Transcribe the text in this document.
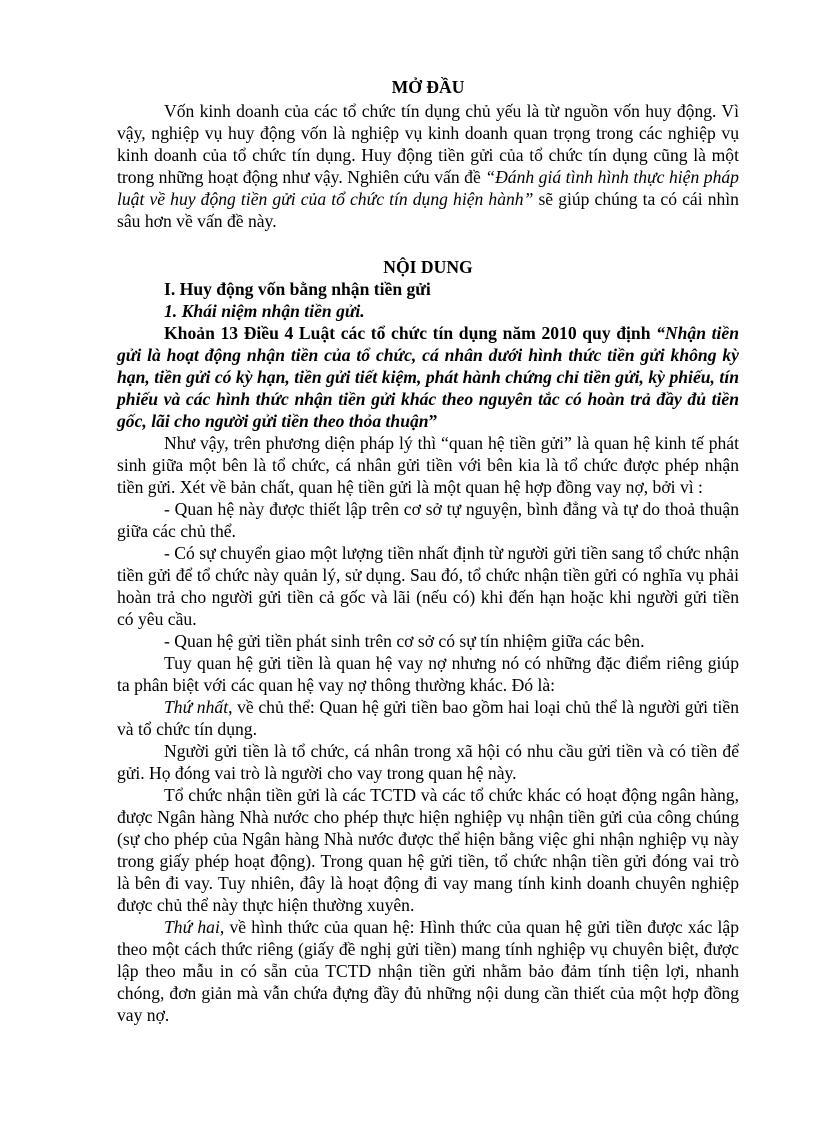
MỞ ĐẦU

Vốn kinh doanh của các tổ chức tín dụng chủ yếu là từ nguồn vốn huy động. Vì vậy, nghiệp vụ huy động vốn là nghiệp vụ kinh doanh quan trọng trong các nghiệp vụ kinh doanh của tổ chức tín dụng. Huy động tiền gửi của tổ chức tín dụng cũng là một trong những hoạt động như vậy. Nghiên cứu vấn đề “Đánh giá tình hình thực hiện pháp luật về huy động tiền gửi của tổ chức tín dụng hiện hành” sẽ giúp chúng ta có cái nhìn sâu hơn về vấn đề này.

NỘI DUNG

I. Huy động vốn bằng nhận tiền gửi

1. Khái niệm nhận tiền gửi.

Khoản 13 Điều 4 Luật các tổ chức tín dụng năm 2010 quy định “Nhận tiền gửi là hoạt động nhận tiền của tổ chức, cá nhân dưới hình thức tiền gửi không kỳ hạn, tiền gửi có kỳ hạn, tiền gửi tiết kiệm, phát hành chứng chỉ tiền gửi, kỳ phiếu, tín phiếu và các hình thức nhận tiền gửi khác theo nguyên tắc có hoàn trả đầy đủ tiền gốc, lãi cho người gửi tiền theo thỏa thuận”

Như vậy, trên phương diện pháp lý thì “quan hệ tiền gửi” là quan hệ kinh tế phát sinh giữa một bên là tổ chức, cá nhân gửi tiền với bên kia là tổ chức được phép nhận tiền gửi. Xét về bản chất, quan hệ tiền gửi là một quan hệ hợp đồng vay nợ, bởi vì :

- Quan hệ này được thiết lập trên cơ sở tự nguyện, bình đẳng và tự do thoả thuận giữa các chủ thể.

- Có sự chuyển giao một lượng tiền nhất định từ người gửi tiền sang tổ chức nhận tiền gửi để tổ chức này quản lý, sử dụng. Sau đó, tổ chức nhận tiền gửi có nghĩa vụ phải hoàn trả cho người gửi tiền cả gốc và lãi (nếu có) khi đến hạn hoặc khi người gửi tiền có yêu cầu.

- Quan hệ gửi tiền phát sinh trên cơ sở có sự tín nhiệm giữa các bên.

Tuy quan hệ gửi tiền là quan hệ vay nợ nhưng nó có những đặc điểm riêng giúp ta phân biệt với các quan hệ vay nợ thông thường khác. Đó là:

Thứ nhất, về chủ thể: Quan hệ gửi tiền bao gồm hai loại chủ thể là người gửi tiền và tổ chức tín dụng.

Người gửi tiền là tổ chức, cá nhân trong xã hội có nhu cầu gửi tiền và có tiền để gửi. Họ đóng vai trò là người cho vay trong quan hệ này.

Tổ chức nhận tiền gửi là các TCTD và các tổ chức khác có hoạt động ngân hàng, được Ngân hàng Nhà nước cho phép thực hiện nghiệp vụ nhận tiền gửi của công chúng (sự cho phép của Ngân hàng Nhà nước được thể hiện bằng việc ghi nhận nghiệp vụ này trong giấy phép hoạt động). Trong quan hệ gửi tiền, tổ chức nhận tiền gửi đóng vai trò là bên đi vay. Tuy nhiên, đây là hoạt động đi vay mang tính kinh doanh chuyên nghiệp được chủ thể này thực hiện thường xuyên.

Thứ hai, về hình thức của quan hệ: Hình thức của quan hệ gửi tiền được xác lập theo một cách thức riêng (giấy đề nghị gửi tiền) mang tính nghiệp vụ chuyên biệt, được lập theo mẫu in có sẵn của TCTD nhận tiền gửi nhằm bảo đảm tính tiện lợi, nhanh chóng, đơn giản mà vẫn chứa đựng đầy đủ những nội dung cần thiết của một hợp đồng vay nợ.
